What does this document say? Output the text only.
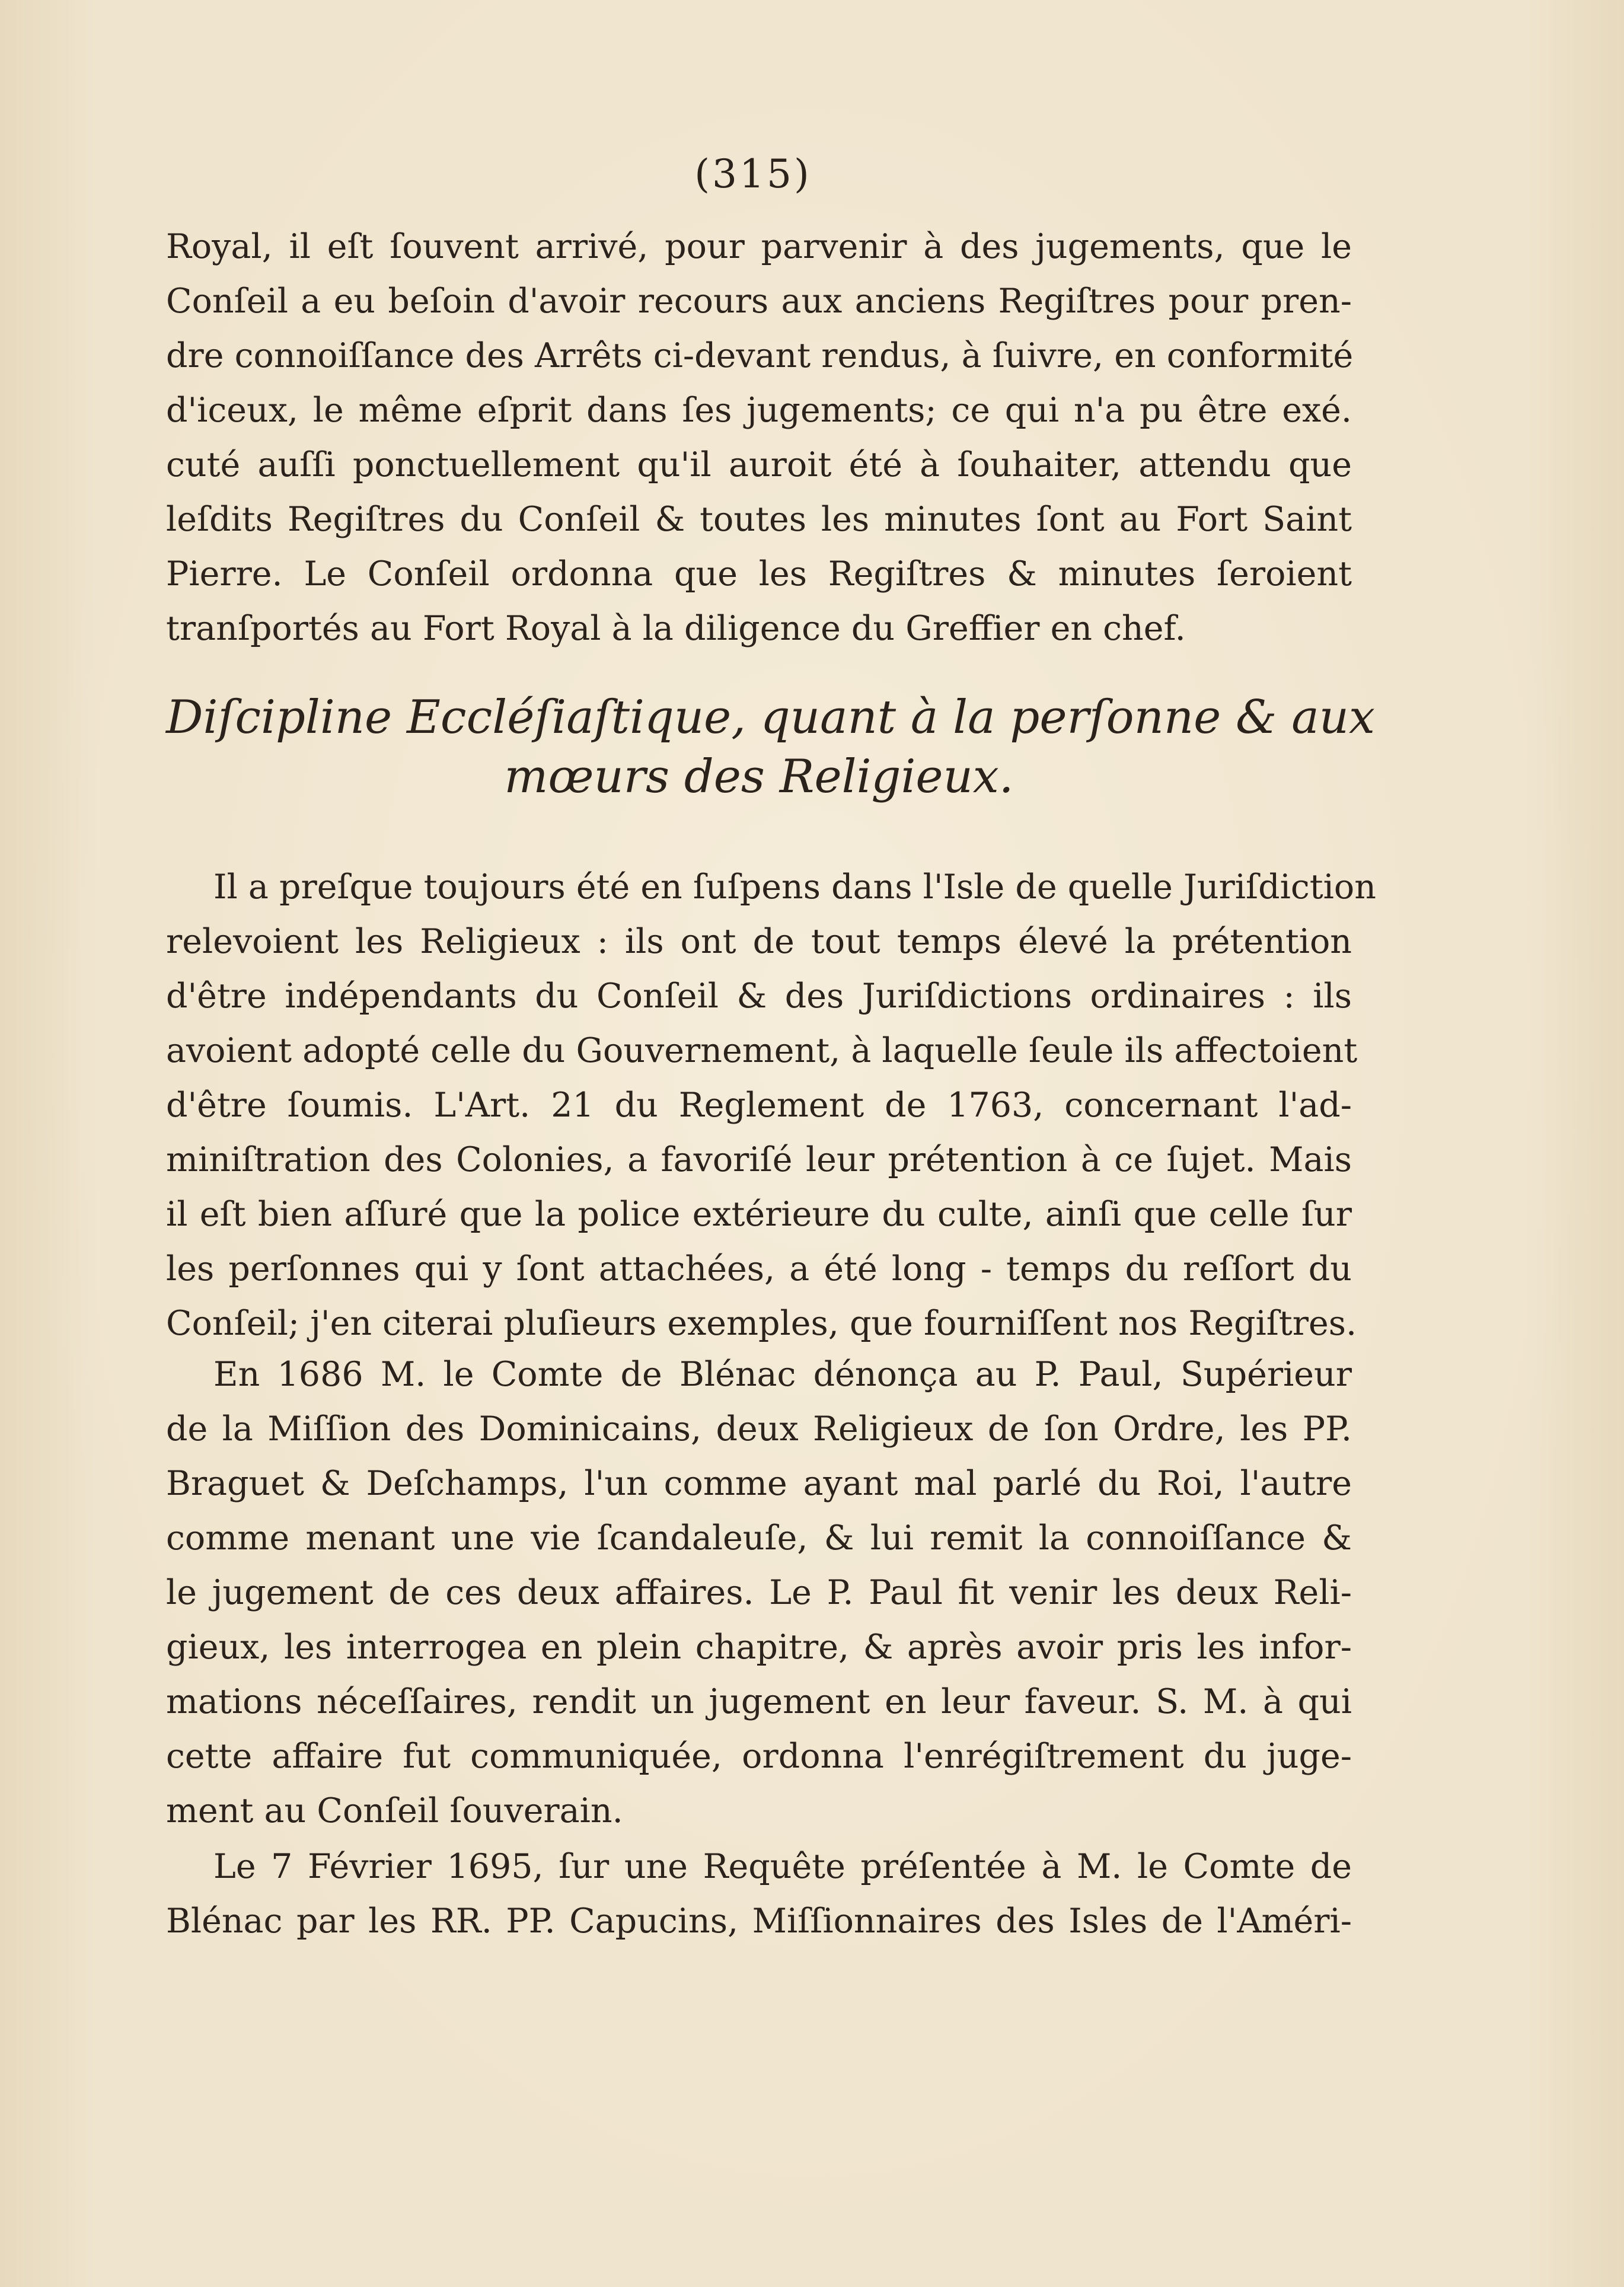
(315)
Royal, il eſt ſouvent arrivé, pour parvenir à des jugements, que le
Conſeil a eu beſoin d'avoir recours aux anciens Regiſtres pour pren-
dre connoiſſance des Arrêts ci-devant rendus, à ſuivre, en conformité
d'iceux, le même eſprit dans ſes jugements; ce qui n'a pu être exé.
cuté auſſi ponctuellement qu'il auroit été à ſouhaiter, attendu que
leſdits Regiſtres du Conſeil & toutes les minutes ſont au Fort Saint
Pierre. Le Conſeil ordonna que les Regiſtres & minutes ſeroient
tranſportés au Fort Royal à la diligence du Greffier en chef.
Diſcipline Eccléſiaſtique, quant à la perſonne & aux
mœurs des Religieux.
Il a preſque toujours été en ſuſpens dans l'Isle de quelle Juriſdiction
relevoient les Religieux : ils ont de tout temps élevé la prétention
d'être indépendants du Conſeil & des Juriſdictions ordinaires : ils
avoient adopté celle du Gouvernement, à laquelle ſeule ils affectoient
d'être ſoumis. L'Art. 21 du Reglement de 1763, concernant l'ad-
miniſtration des Colonies, a favoriſé leur prétention à ce ſujet. Mais
il eſt bien aſſuré que la police extérieure du culte, ainſi que celle ſur
les perſonnes qui y ſont attachées, a été long - temps du reſſort du
Conſeil; j'en citerai pluſieurs exemples, que fourniſſent nos Regiſtres.
En 1686 M. le Comte de Blénac dénonça au P. Paul, Supérieur
de la Miſſion des Dominicains, deux Religieux de ſon Ordre, les PP.
Braguet & Deſchamps, l'un comme ayant mal parlé du Roi, l'autre
comme menant une vie ſcandaleuſe, & lui remit la connoiſſance &
le jugement de ces deux affaires. Le P. Paul fit venir les deux Reli-
gieux, les interrogea en plein chapitre, & après avoir pris les infor-
mations néceſſaires, rendit un jugement en leur faveur. S. M. à qui
cette affaire fut communiquée, ordonna l'enrégiſtrement du juge-
ment au Conſeil ſouverain.
Le 7 Février 1695, ſur une Requête préſentée à M. le Comte de
Blénac par les RR. PP. Capucins, Miſſionnaires des Isles de l'Améri-
